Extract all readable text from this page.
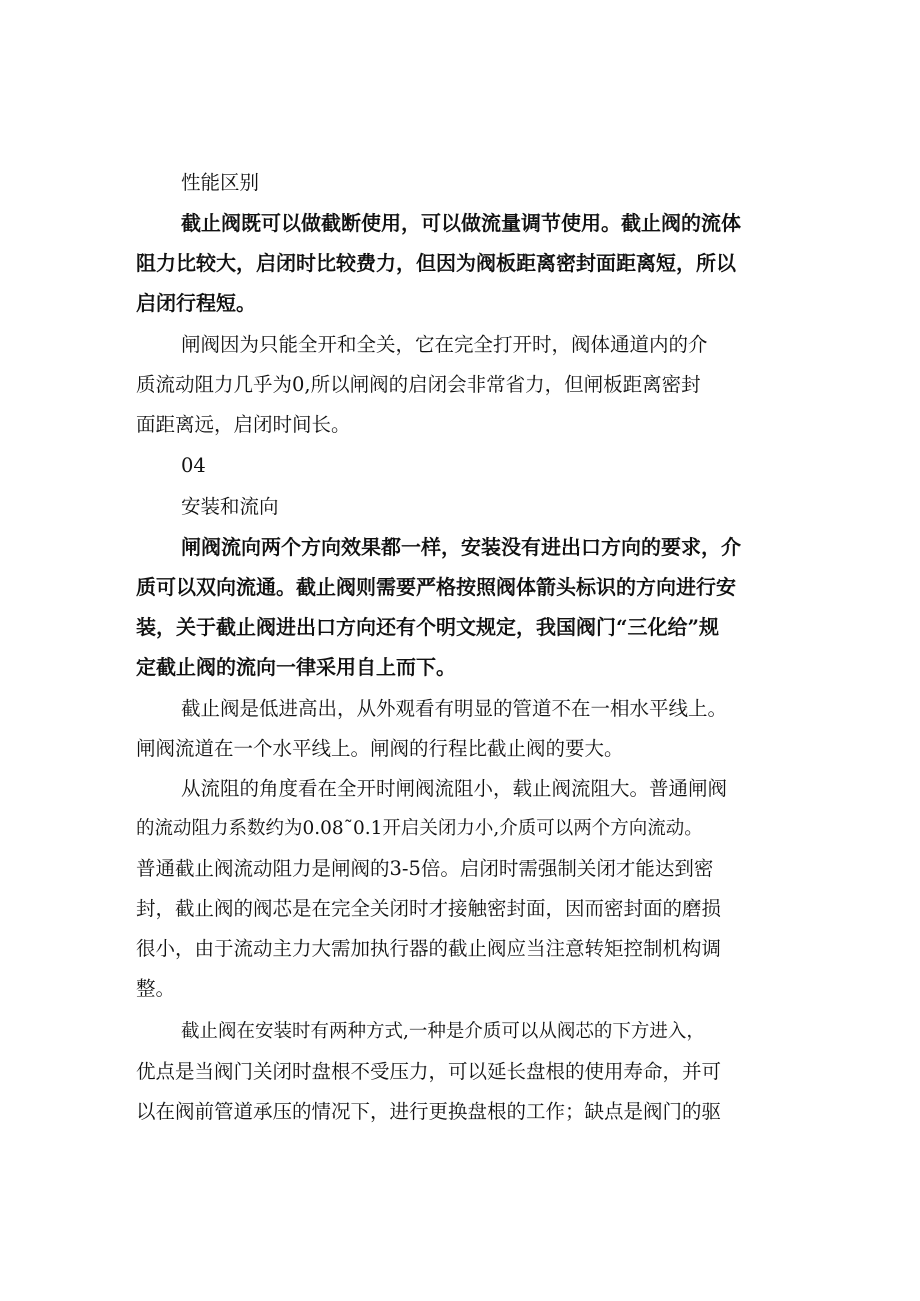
性能区别
截止阀既可以做截断使用，可以做流量调节使用。截止阀的流体
阻力比较大，启闭时比较费力，但因为阀板距离密封面距离短，所以
启闭行程短。
闸阀因为只能全开和全关，它在完全打开时，阀体通道内的介
质流动阻力几乎为0,所以闸阀的启闭会非常省力，但闸板距离密封
面距离远，启闭时间长。
04
安装和流向
闸阀流向两个方向效果都一样，安装没有进出口方向的要求，介
质可以双向流通。截止阀则需要严格按照阀体箭头标识的方向进行安
装，关于截止阀进出口方向还有个明文规定，我国阀门“三化给”规
定截止阀的流向一律采用自上而下。
截止阀是低进高出，从外观看有明显的管道不在一相水平线上。
闸阀流道在一个水平线上。闸阀的行程比截止阀的要大。
从流阻的角度看在全开时闸阀流阻小，载止阀流阻大。普通闸阀
的流动阻力系数约为0.08˜0.1开启关闭力小,介质可以两个方向流动。
普通截止阀流动阻力是闸阀的3-5倍。启闭时需强制关闭才能达到密
封，截止阀的阀芯是在完全关闭时才接触密封面，因而密封面的磨损
很小，由于流动主力大需加执行器的截止阀应当注意转矩控制机构调
整。
截止阀在安装时有两种方式,一种是介质可以从阀芯的下方进入，
优点是当阀门关闭时盘根不受压力，可以延长盘根的使用寿命，并可
以在阀前管道承压的情况下，进行更换盘根的工作；缺点是阀门的驱
